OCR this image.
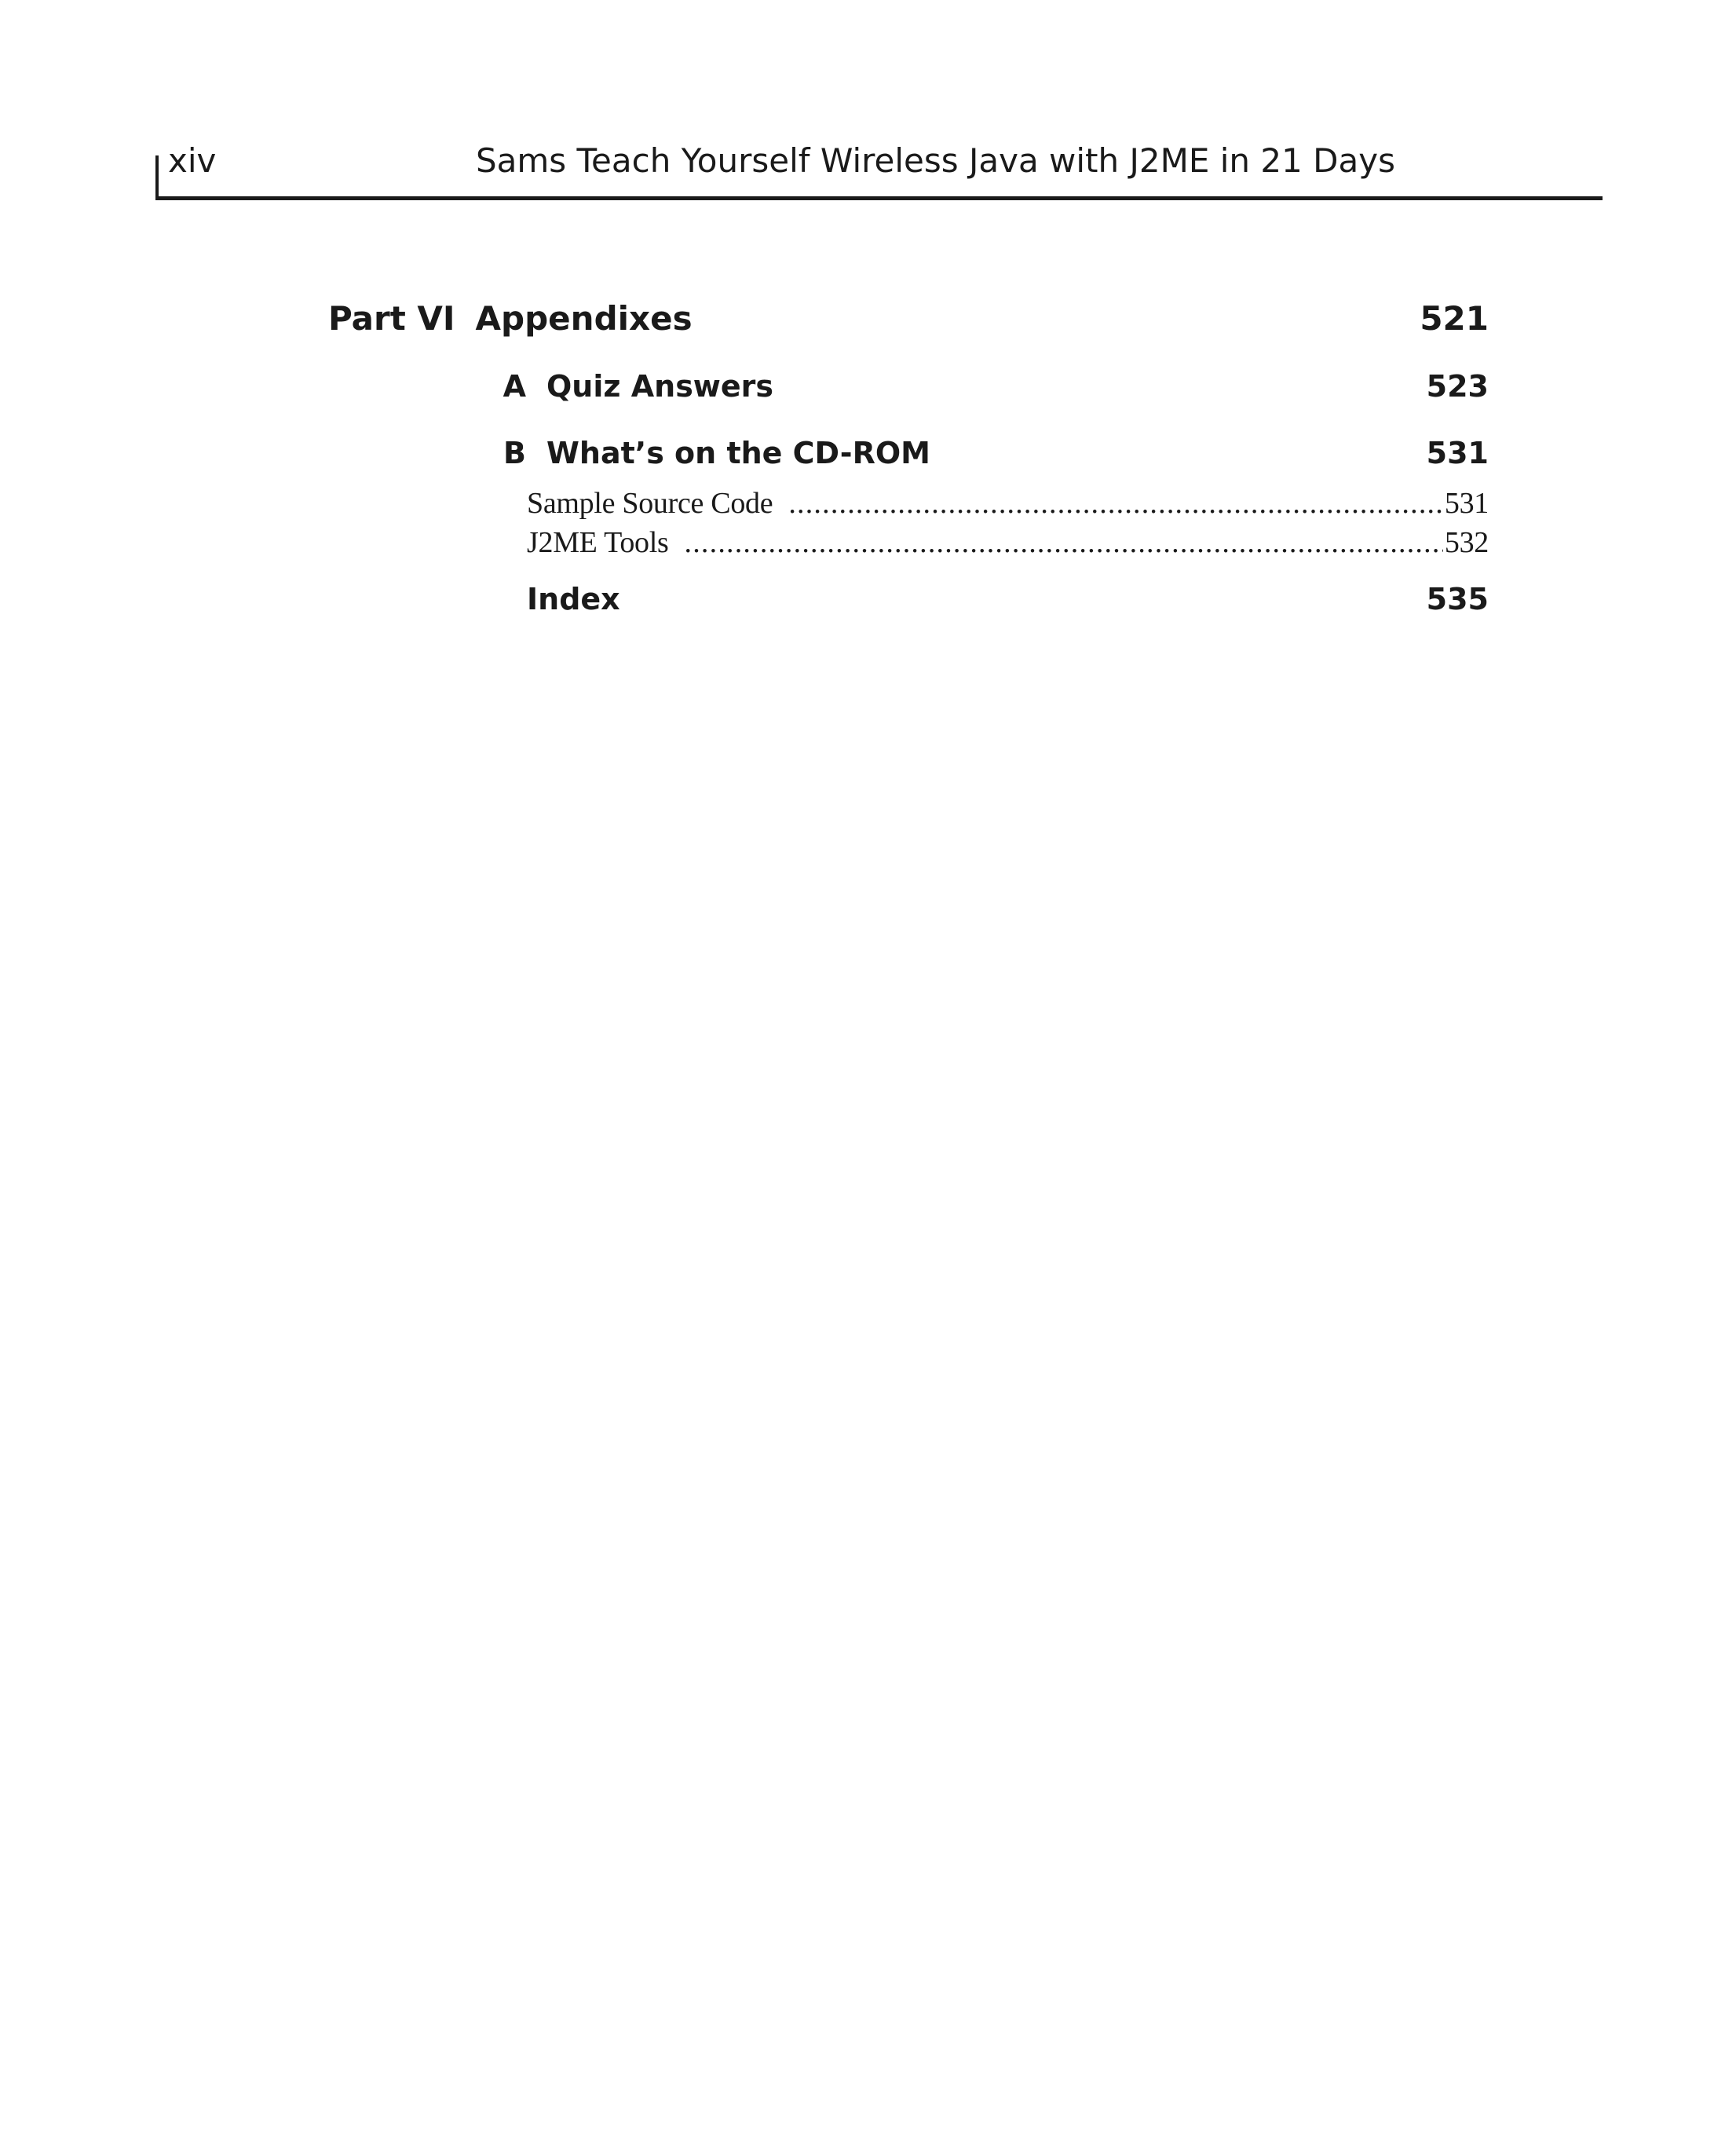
xiv	Sams Teach Yourself Wireless Java with J2ME in 21 Days
Part VI Appendixes	521
A Quiz Answers	523
B What’s on the CD-ROM	531
Sample Source Code .....	531
J2ME Tools .....	532
Index	535
